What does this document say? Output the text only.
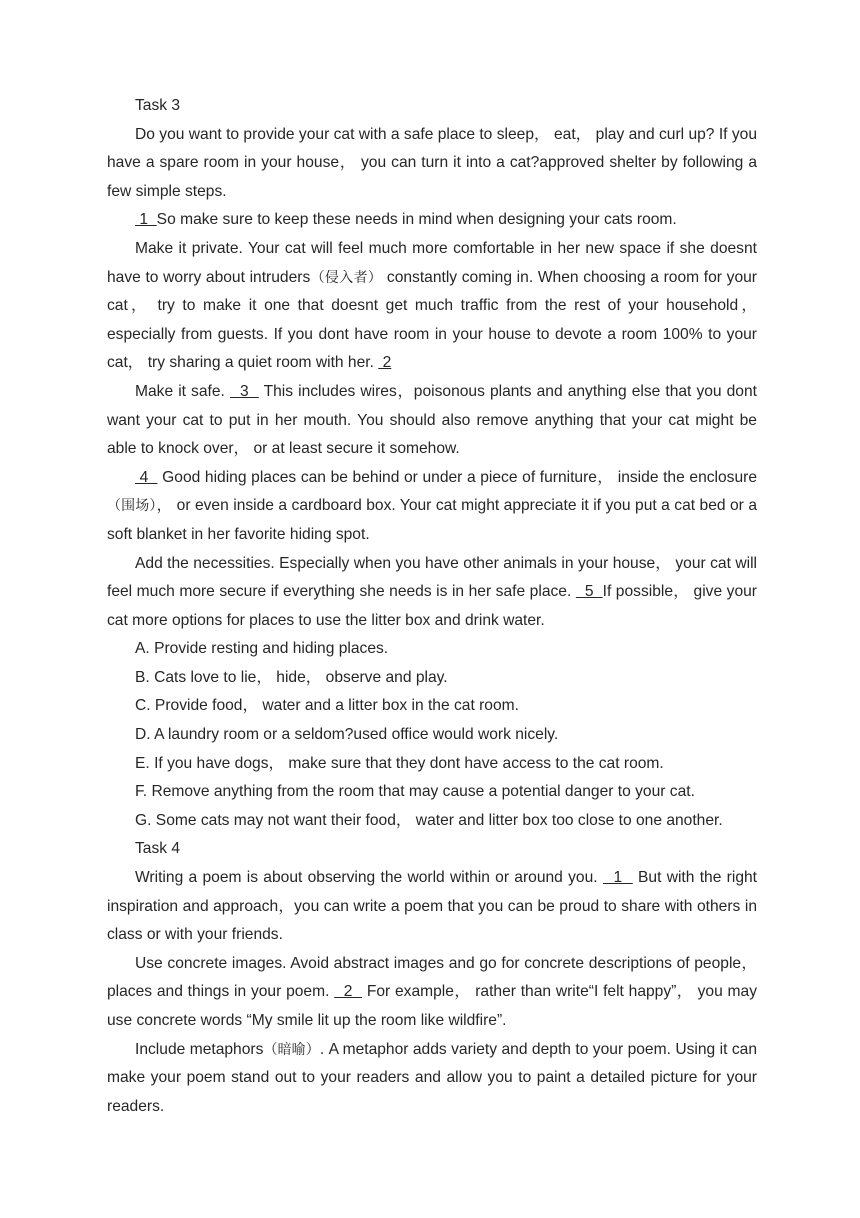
Task 3

Do you want to provide your cat with a safe place to sleep， eat， play and curl up? If you have a spare room in your house， you can turn it into a cat?approved shelter by following a few simple steps.

1  So make sure to keep these needs in mind when designing your cats room.

Make it private. Your cat will feel much more comfortable in her new space if she doesnt have to worry about intruders（侵入者） constantly coming in. When choosing a room for your cat， try to make it one that doesnt get much traffic from the rest of your household， especially from guests. If you dont have room in your house to devote a room 100% to your cat， try sharing a quiet room with her.  2

Make it safe.   3   This includes wires，poisonous plants and anything else that you dont want your cat to put in her mouth. You should also remove anything that your cat might be able to knock over， or at least secure it somehow.

4   Good hiding places can be behind or under a piece of furniture， inside the enclosure （围场）， or even inside a cardboard box. Your cat might appreciate it if you put a cat bed or a soft blanket in her favorite hiding spot.

Add the necessities. Especially when you have other animals in your house， your cat will feel much more secure if everything she needs is in her safe place.   5  If possible， give your cat more options for places to use the litter box and drink water.

A. Provide resting and hiding places.

B. Cats love to lie， hide， observe and play.

C. Provide food， water and a litter box in the cat room.

D. A laundry room or a seldom?used office would work nicely.

E. If you have dogs， make sure that they dont have access to the cat room.

F. Remove anything from the room that may cause a potential danger to your cat.

G. Some cats may not want their food， water and litter box too close to one another.

Task 4

Writing a poem is about observing the world within or around you.   1   But with the right inspiration and approach，you can write a poem that you can be proud to share with others in class or with your friends.

Use concrete images. Avoid abstract images and go for concrete descriptions of people， places and things in your poem.   2   For example， rather than write“I felt happy”， you may use concrete words “My smile lit up the room like wildfire”.

Include metaphors（暗喻）. A metaphor adds variety and depth to your poem. Using it can make your poem stand out to your readers and allow you to paint a detailed picture for your readers.
